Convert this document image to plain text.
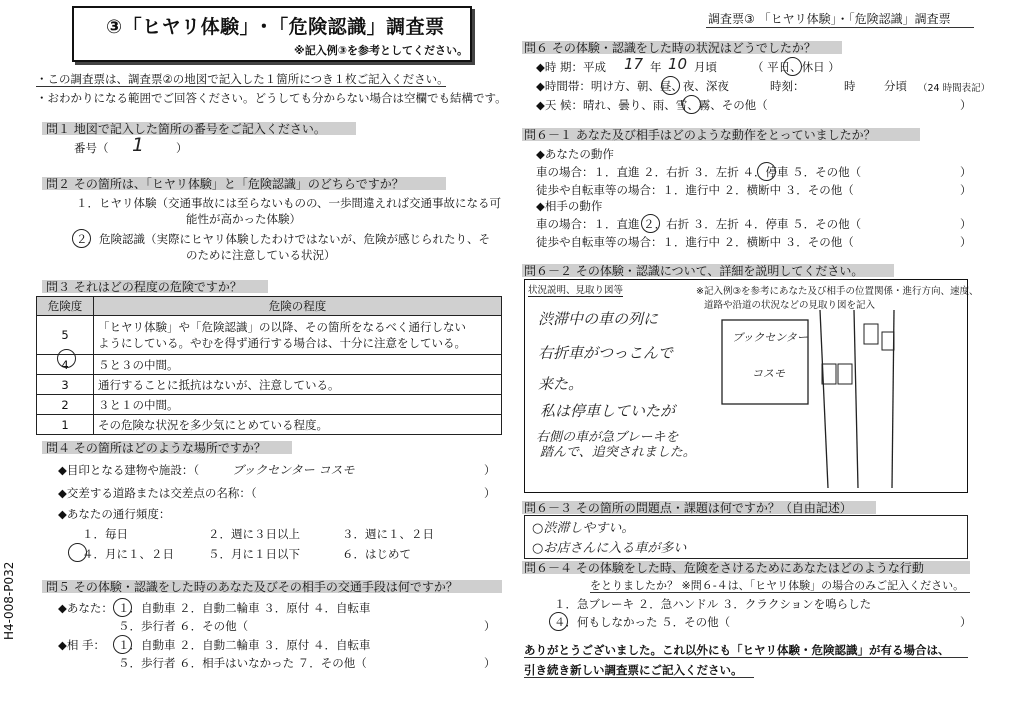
③「ヒヤリ体験」･「危険認識」調査票
※記入例③を参考としてください。
調査票③ 「ヒヤリ体験」・「危険認識」調査票
・この調査票は、調査票②の地図で記入した１箇所につき１枚ご記入ください。
・おわかりになる範囲でご回答ください。どうしても分からない場合は空欄でも結構です。
問１ 地図で記入した箇所の番号をご記入ください。
番号（ 1	）
問２ その箇所は、「ヒヤリ体験」と「危険認識」のどちらですか？
１．ヒヤリ体験（交通事故には至らないものの、一歩間違えれば交通事故になる可
能性が高かった体験）
２．危険認識（実際にヒヤリ体験したわけではないが、危険が感じられたり、そ
のために注意している状況）
問３ それはどの程度の危険ですか？
危険度	危険の程度
5	「ヒヤリ体験」や「危険認識」の以降、その箇所をなるべく通行しない
ようにしている。やむを得ず通行する場合は、十分に注意をしている。
4	５と３の中間。
3	通行することに抵抗はないが、注意している。
2	３と１の中間。
1	その危険な状況を多少気にとめている程度。
問４ その箇所はどのような場所ですか？
◆目印となる建物や施設：（	ブックセンター コスモ	）
◆交差する道路または交差点の名称：（	）
◆あなたの通行頻度：
１．毎日	２．週に３日以上	３．週に１、２日
４．月に１、２日	５．月に１日以下	６．はじめて
問５ その体験・認識をした時のあなた及びその相手の交通手段は何ですか？
◆あなた： １．自動車 ２．自動二輪車 ３．原付 ４．自転車
５．歩行者 ６．その他（	）
◆相 手： １．自動車 ２．自動二輪車 ３．原付 ４．自転車
５．歩行者 ６．相手はいなかった ７．その他（	）
H4-008-P032
問６ その体験・認識をした時の状況はどうでしたか？
◆時 期：平成 17 年 10 月頃	（ 平日、休日 ）
◆時間帯：明け方、朝、昼、夜、深夜	時刻：	時 分頃 （24 時間表記）
◆天 候：晴れ、曇り、雨、雪、霧、その他（	）
問６－１ あなた及び相手はどのような動作をとっていましたか？
◆あなたの動作
車の場合：１．直進 ２．右折 ３．左折 ４．停車 ５．その他（	）
徒歩や自転車等の場合：１．進行中 ２．横断中 ３．その他（	）
◆相手の動作
車の場合：１．直進 ２．右折 ３．左折 ４．停車 ５．その他（	）
徒歩や自転車等の場合：１．進行中 ２．横断中 ３．その他（	）
問６－２ その体験・認識について、詳細を説明してください。
状況説明、見取り図等	※記入例③を参考にあなた及び相手の位置関係・進行方向、速度、
道路や沿道の状況などの見取り図を記入
渋滞中の車の列に
右折車がつっこんで
来た。
私は停車していたが
右側の車が急ブレーキを
踏んで、追突されました。
ブックセンター
コスモ
問６－３ その箇所の問題点・課題は何ですか？（自由記述）
○渋滞しやすい。
○お店さんに入る車が多い
問６－４ その体験をした時、危険をさけるためにあなたはどのような行動
をとりましたか？ ※問６-４は、「ヒヤリ体験」の場合のみご記入ください。
１．急ブレーキ ２．急ハンドル ３．クラクションを鳴らした
４．何もしなかった ５．その他（	）
ありがとうございました。これ以外にも「ヒヤリ体験・危険認識」が有る場合は、
引き続き新しい調査票にご記入ください。
